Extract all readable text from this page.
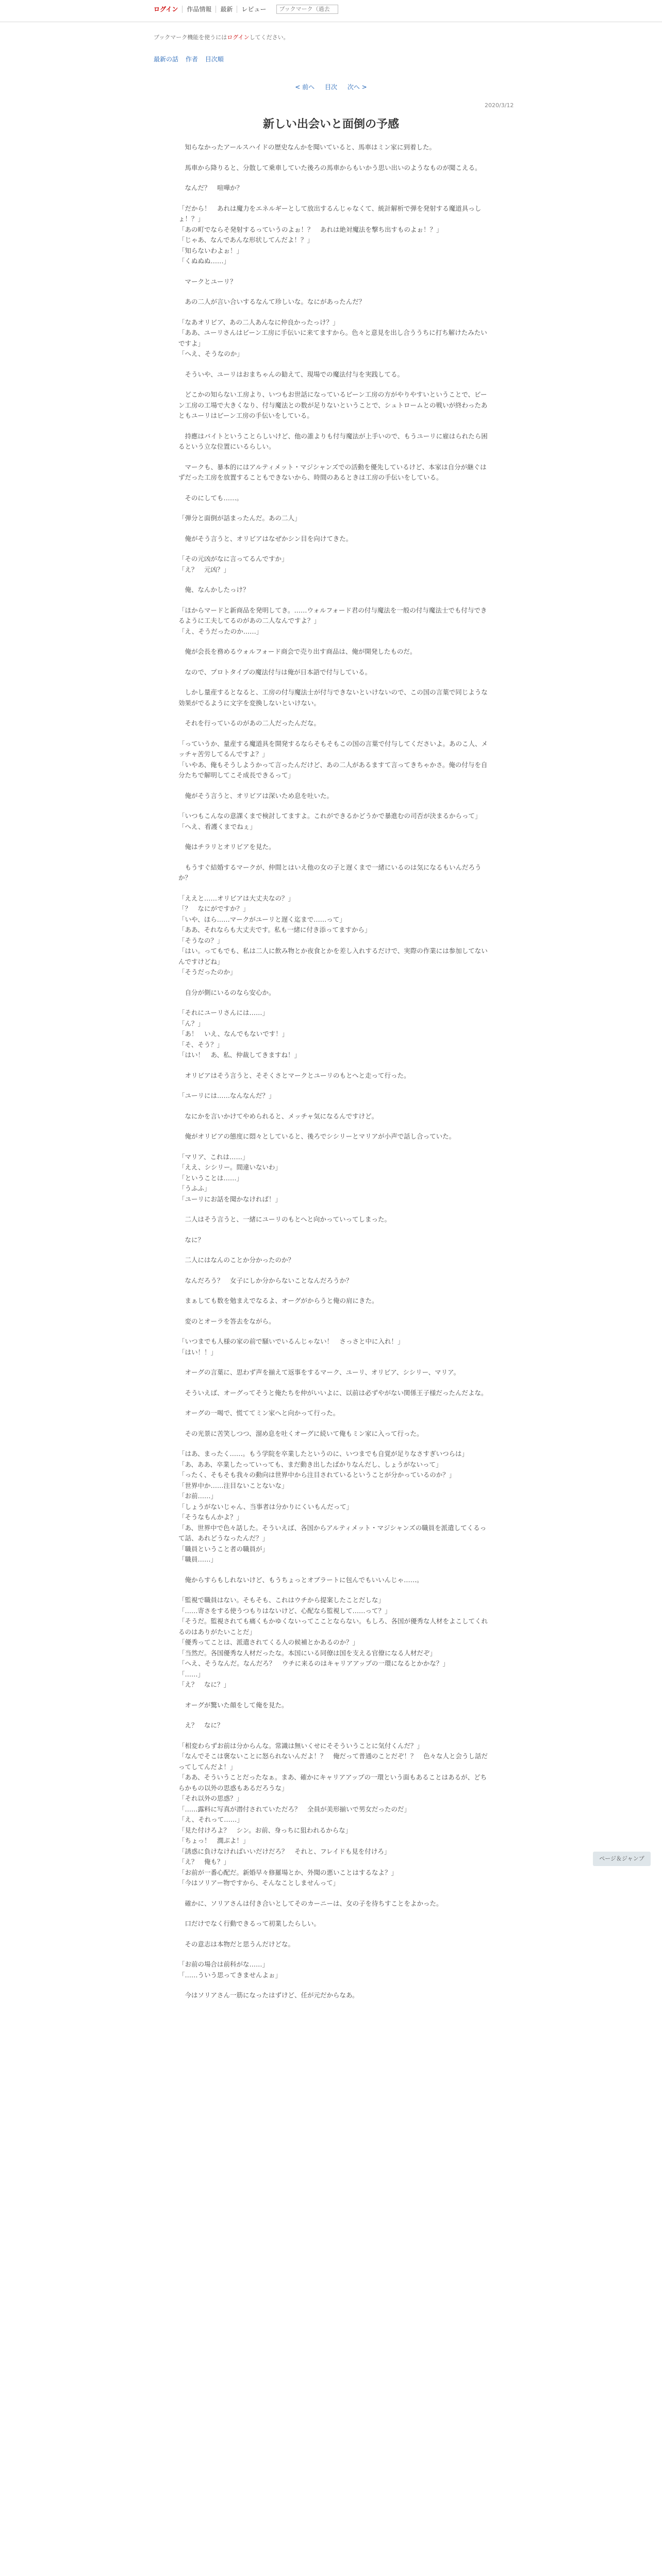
ログイン	作品情報	最新	レビュー
ブックマーク（過去
ブックマーク機能を使うにはログインしてください。
最新の話 作者 目次順
< 前へ 目次 次へ >
2020/3/12
新しい出会いと面倒の予感

　知らなかったアールスハイドの歴史なんかを聞いていると、馬車はミン家に到着した。

　馬車から降りると、分散して乗車していた後ろの馬車からもいかう思い出いのようなものが聞こえる。

　なんだ？　喧嘩か？

「だから！　あれは魔力をエネルギーとして放出するんじゃなくて、統計解析で弾を発射する魔道具っしょ！？」
「あの町でならそ発射するっていうのよぉ！？　あれは絶対魔法を撃ち出すものよぉ！？」
「じゃあ、なんであんな形状してんだよ！？」
「知らないわよぉ！」
「くぬぬぬ……」

　マークとユーリ？

　あの二人が言い合いするなんて珍しいな。なにがあったんだ？

「なあオリビア、あの二人あんなに仲良かったっけ？」
「ああ、ユーリさんはビーン工房に手伝いに来てますから。色々と意見を出し合ううちに打ち解けたみたいですよ」
「へえ、そうなのか」

　そういや、ユーリはおまちゃんの勧えて、現場での魔法付与を実践してる。

　どこかの知らない工房より、いつもお世話になっているビーン工房の方がやりやすいということで、ビーン工房の工場で大きくなり、付与魔法との数が足りないということで、シュトロームとの戦いが終わったあともユーリはビーン工房の手伝いをしている。

　持應はバイトということらしいけど、他の誰よりも付与魔法が上手いので、もうユーリに雇はられたら困るという立な位置にいるらしい。

　マークも、暴本的にはアルティメット・マジシャンズでの活動を優先しているけど、本家は自分が継ぐはずだった工房を放置することもできないから、時間のあるときは工房の手伝いをしている。

　そのにしても……。

「弾分と面倒が話まったんだ。あの二人」

　俺がそう言うと、オリビアはなぜかシン目を向けてきた。

「その元凶がなに言ってるんですか」
「え？　元凶？」

　俺、なんかしたっけ？

「ほからマードと新商品を発明してき。……ウォルフォード君の付与魔法を一般の付与魔法士でも付与できるように工夫してるのがあの二人なんですよ？」
「え、そうだったのか……」

　俺が会長を務めるウォルフォード商会で売り出す商品は、俺が開発したものだ。

　なので、プロトタイプの魔法付与は俺が日本語で付与している。

　しかし量産するとなると、工房の付与魔法士が付与できないといけないので、この国の言葉で同じような効果がでるように文字を変換しないといけない。

　それを行っているのがあの二人だったんだな。

「っていうか、量産する魔道具を開発するならそもそもこの国の言葉で付与してくださいよ。あのこ人、メッチャ苦労してるんですよ？」
「いやあ、俺もそうしようかって言ったんだけど、あの二人があるますて言ってきちゃかさ。俺の付与を自分たちで解明してこそ成長できるって」

　俺がそう言うと、オリビアは深いため息を吐いた。

「いつもこんなの意課くまで検討してますよ。これができるかどうかで暴進むの司否が決まるからって」
「へえ、看護くまでねぇ」

　俺はチラリとオリビアを見た。

　もうすぐ結婚するマークが、仲間とはいえ他の女の子と遅くまで一緒にいるのは気になるもいんだろうか？

「ええと……オリビアは大丈夫なの？」
「？　なにがですか？」
「いや、ほら……マークがユーリと遅く迄まで……って」
「ああ、それならも大丈夫です。私も一緒に付き添ってますから」
「そうなの？」
「はい。ってもでも、私は二人に飲み物とか夜食とかを差し入れするだけで、実際の作業には参加してないんですけどね」
「そうだったのか」

　自分が側にいるのなら安心か。

「それにユーリさんには……」
「ん？」
「あ！　いえ、なんでもないです！」
「そ、そう？」
「はい！　あ、私、仲裁してきますね！」

　オリビアはそう言うと、そそくさとマークとユーリのもとへと走って行った。

「ユーリには……なんなんだ？」

　なにかを言いかけてやめられると、メッチャ気になるんですけど。

　俺がオリビアの態度に悶々としていると、後ろでシシリーとマリアが小声で話し合っていた。

「マリア、これは……」
「ええ、シシリー。間違いないわ」
「ということは……」
「うふふ」
「ユーリにお話を聞かなければ！」

　二人はそう言うと、一緒にユーリのもとへと向かっていってしまった。

　なに？

　二人にはなんのことか分かったのか？

　なんだろう？　女子にしか分からないことなんだろうか？

　まぁしても数を勉まえでなるよ、オーグがからうと俺の肩にきた。

　変のとオーラを答去をながら。

「いつまでも人様の家の前で騒いでいるんじゃない！　さっさと中に入れ！」
「はい！！」

　オーグの言葉に、思わず声を揃えて返事をするマーク、ユーリ、オリビア、シシリー、マリア。

　そういえば、オーグってそうと俺たちを仲がいいよに、以前は必ずやがない関係王子様だったんだよな。

　オーグの一喝で、慌ててミン家へと向かって行った。

　その光景に苦笑しつつ、溜め息を吐くオーグに続いて俺もミン家に入って行った。

「はあ、まったく……。もう学院を卒業したというのに、いつまでも自覚が足りなさすぎいつらは」
「あ、ああ、卒業したっていっても、まだ動き出したばかりなんだし、しょうがないって」
「ったく、そもそも我々の動向は世界中から注目されているということが分かっているのか？」
「世界中か……注目ないことないな」
「お前……」
「しょうがないじゃん、当事者は分かりにくいもんだって」
「そうなもんかよ？」
「あ、世界中で色々話した。そういえば、各国からアルティメット・マジシャンズの職員を派遣してくるって話、あれどうなったんだ？」
「職員ということ者の職員が」
「職員……」

　俺からすらもしれないけど、もうちょっとオブラートに包んでもいいんじゃ……。

「監視で職員はない。そもそも、これはウチから提案したことだしな」
「……寄さをする使うつもりはないけど、心配なら監視して……って？」
「そうだ。監視されても痛くもかゆくないってこことならない。もしろ、各国が優秀な人材をよこしてくれるのはありがたいことだ」
「優秀ってことは、派遣されてくる人の候補とかあるのか？」
「当然だ。各国優秀な人材だったな。本国にいる同僚は国を支える官僚になる人材だぞ」
「へえ、そうなんだ。なんだろ？　ウチに来るのはキャリアアップの一環になるとかかな？」
「……」
「え？　なに？」

　オーグが驚いた顔をして俺を見た。

　え？　なに？

「相変わらずお前は分からんな。常識は無いくせにそそういうことに気付くんだ？」
「なんでそこは褒ないことに怒られないんだよ！？　俺だって普通のことだぞ！？　色々な人と会うし話だってしてんだよ！」
「ああ、そういうことだったなぁ。まあ、確かにキャリアアップの一環という面もあることはあるが、どちらかもの以外の思惑もあるだろうな」
「それ以外の思惑？」
「……露料に写真が潜付されていただろ？　全員が美形揃いで男女だったのだ」
「え、それって……」
「見た付けろよ？　シン。お前、身っちに狙われるからな」
「ちょっ！　潤ぶよ！」
「誘惑に負けなければいいだけだろ？　それと、フレイドも見を付けろ」
「え？　俺も？」
「お前が一番心配だ。新婚早々修羅場とか、外聞の悪いことはするなよ？」
「今はソリアー物ですから、そんなことしませんって」

　確かに、ソリアさんは付き合いとしてそのカーニーは、女の子を待ちすことをよかった。

　口だけでなく行動できるって初業したらしい。

　その意志は本物だと思うんだけどな。

「お前の場合は前科がな……」
「……ういう思ってきませんよぉ」

　今はソリアさん一筋になったはずけど、任が元だからなあ。

ページ＆ジャンプ
